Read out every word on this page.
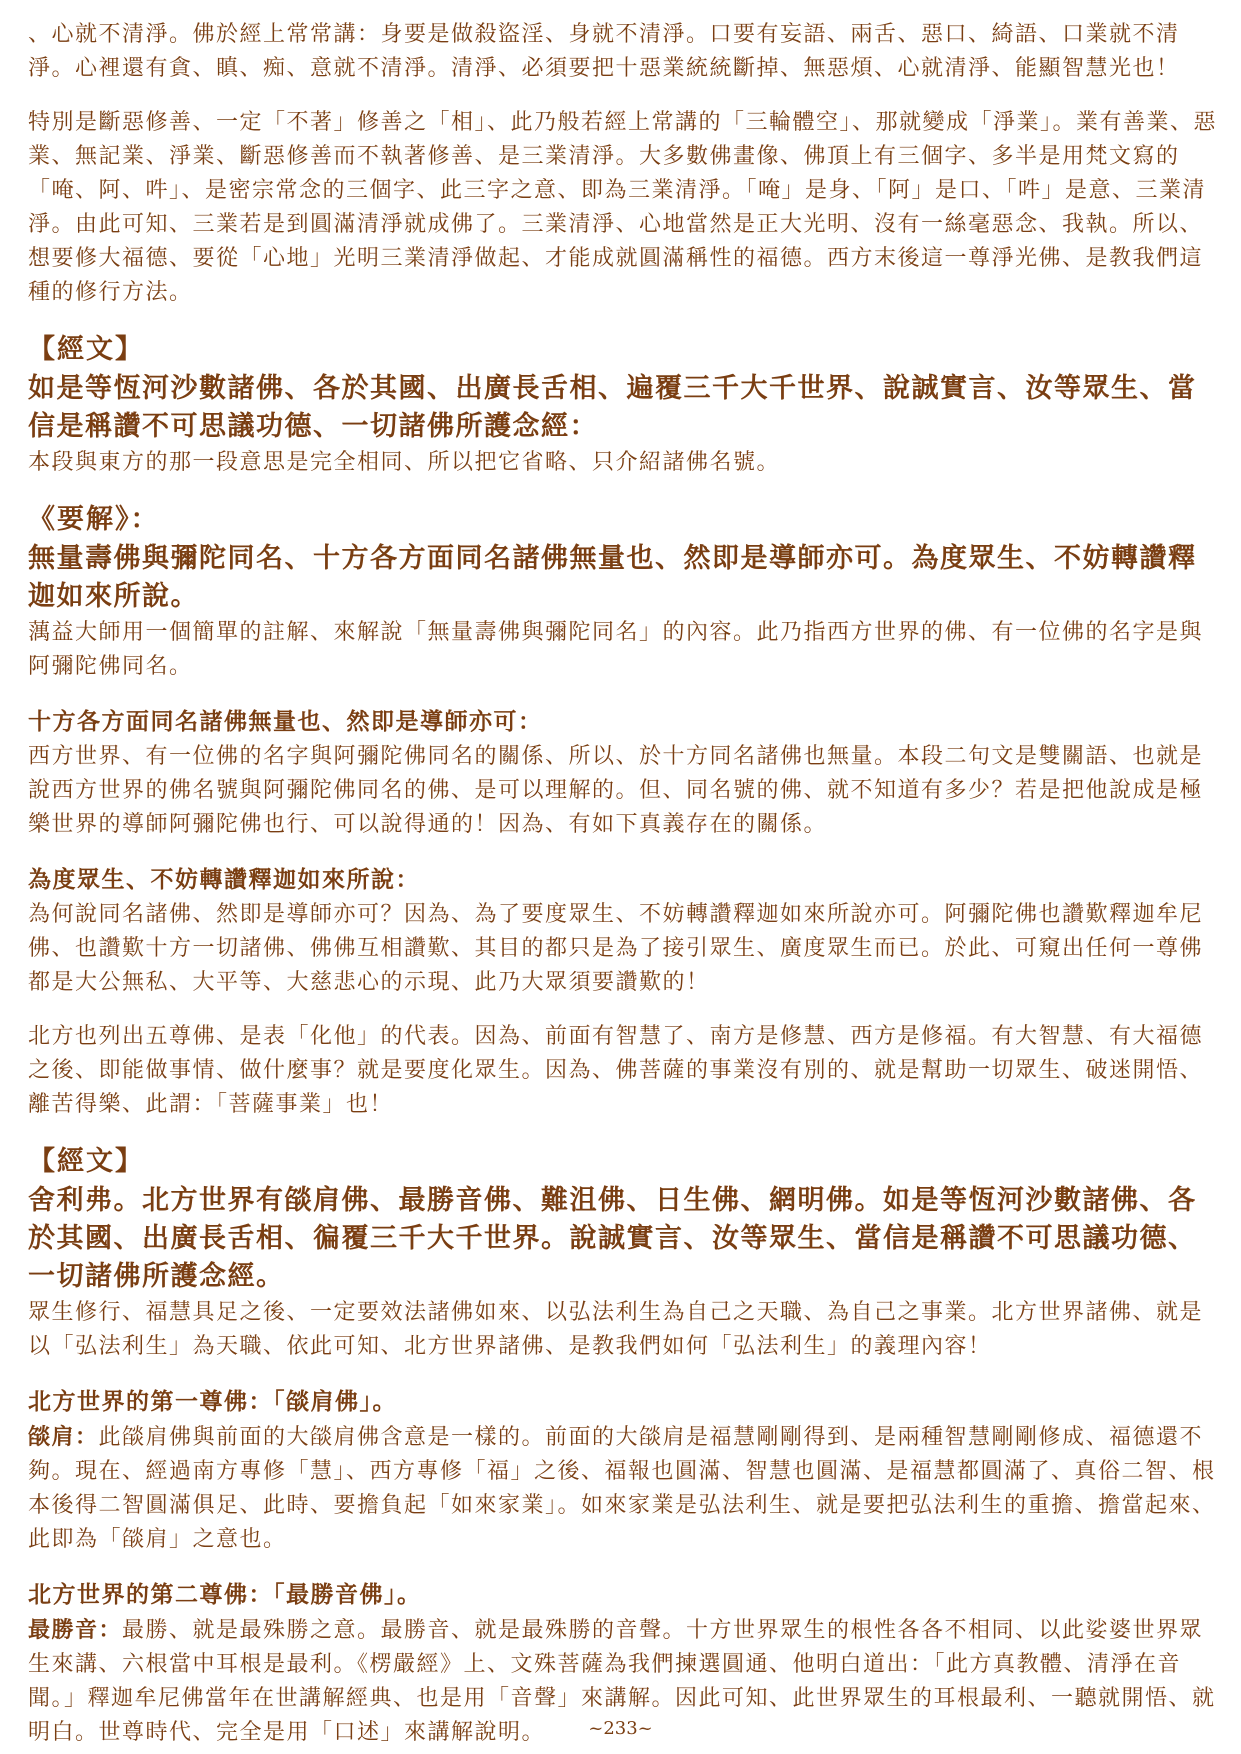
、心就不清淨。佛於經上常常講：身要是做殺盜淫、身就不清淨。口要有妄語、兩舌、惡口、綺語、口業就不清淨。心裡還有貪、瞋、痴、意就不清淨。清淨、必須要把十惡業統統斷掉、無惡煩、心就清淨、能顯智慧光也！

特別是斷惡修善、一定「不著」修善之「相」、此乃般若經上常講的「三輪體空」、那就變成「淨業」。業有善業、惡業、無記業、淨業、斷惡修善而不執著修善、是三業清淨。大多數佛畫像、佛頂上有三個字、多半是用梵文寫的「唵、阿、吽」、是密宗常念的三個字、此三字之意、即為三業清淨。「唵」是身、「阿」是口、「吽」是意、三業清淨。由此可知、三業若是到圓滿清淨就成佛了。三業清淨、心地當然是正大光明、沒有一絲毫惡念、我執。所以、想要修大福德、要從「心地」光明三業清淨做起、才能成就圓滿稱性的福德。西方末後這一尊淨光佛、是教我們這種的修行方法。

【經文】

如是等恆河沙數諸佛、各於其國、出廣長舌相、遍覆三千大千世界、說誠實言、汝等眾生、當信是稱讚不可思議功德、一切諸佛所護念經：

本段與東方的那一段意思是完全相同、所以把它省略、只介紹諸佛名號。

《要解》：

無量壽佛與彌陀同名、十方各方面同名諸佛無量也、然即是導師亦可。為度眾生、不妨轉讚釋迦如來所說。

蕅益大師用一個簡單的註解、來解說「無量壽佛與彌陀同名」的內容。此乃指西方世界的佛、有一位佛的名字是與阿彌陀佛同名。

十方各方面同名諸佛無量也、然即是導師亦可：

西方世界、有一位佛的名字與阿彌陀佛同名的關係、所以、於十方同名諸佛也無量。本段二句文是雙關語、也就是說西方世界的佛名號與阿彌陀佛同名的佛、是可以理解的。但、同名號的佛、就不知道有多少？若是把他說成是極樂世界的導師阿彌陀佛也行、可以說得通的！因為、有如下真義存在的關係。

為度眾生、不妨轉讚釋迦如來所說：

為何說同名諸佛、然即是導師亦可？因為、為了要度眾生、不妨轉讚釋迦如來所說亦可。阿彌陀佛也讚歎釋迦牟尼佛、也讚歎十方一切諸佛、佛佛互相讚歎、其目的都只是為了接引眾生、廣度眾生而已。於此、可窺出任何一尊佛都是大公無私、大平等、大慈悲心的示現、此乃大眾須要讚歎的！

北方也列出五尊佛、是表「化他」的代表。因為、前面有智慧了、南方是修慧、西方是修福。有大智慧、有大福德之後、即能做事情、做什麼事？就是要度化眾生。因為、佛菩薩的事業沒有別的、就是幫助一切眾生、破迷開悟、離苦得樂、此謂：「菩薩事業」也！

【經文】

舍利弗。北方世界有燄肩佛、最勝音佛、難沮佛、日生佛、網明佛。如是等恆河沙數諸佛、各於其國、出廣長舌相、徧覆三千大千世界。說誠實言、汝等眾生、當信是稱讚不可思議功德、一切諸佛所護念經。

眾生修行、福慧具足之後、一定要效法諸佛如來、以弘法利生為自己之天職、為自己之事業。北方世界諸佛、就是以「弘法利生」為天職、依此可知、北方世界諸佛、是教我們如何「弘法利生」的義理內容！

北方世界的第一尊佛：「燄肩佛」。

燄肩：此燄肩佛與前面的大燄肩佛含意是一樣的。前面的大燄肩是福慧剛剛得到、是兩種智慧剛剛修成、福德還不夠。現在、經過南方專修「慧」、西方專修「福」之後、福報也圓滿、智慧也圓滿、是福慧都圓滿了、真俗二智、根本後得二智圓滿俱足、此時、要擔負起「如來家業」。如來家業是弘法利生、就是要把弘法利生的重擔、擔當起來、此即為「燄肩」之意也。

北方世界的第二尊佛：「最勝音佛」。

最勝音：最勝、就是最殊勝之意。最勝音、就是最殊勝的音聲。十方世界眾生的根性各各不相同、以此娑婆世界眾生來講、六根當中耳根是最利。《楞嚴經》上、文殊菩薩為我們揀選圓通、他明白道出：「此方真教體、清淨在音聞。」釋迦牟尼佛當年在世講解經典、也是用「音聲」來講解。因此可知、此世界眾生的耳根最利、一聽就開悟、就明白。世尊時代、完全是用「口述」來講解說明。	~233~
